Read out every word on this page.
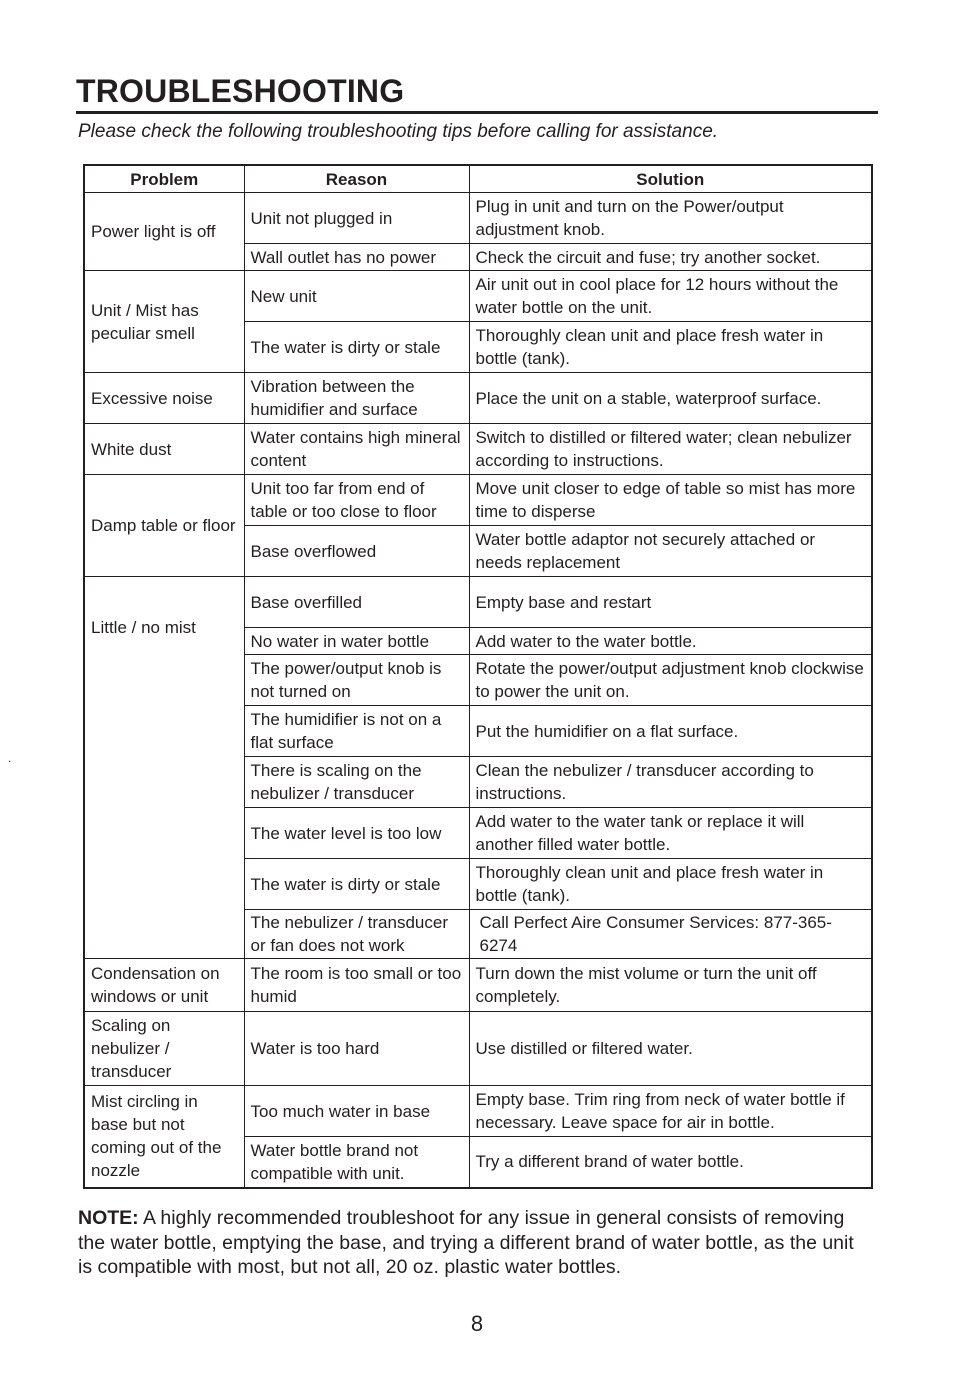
TROUBLESHOOTING
Please check the following troubleshooting tips before calling for assistance.
.
Problem	Reason	Solution
Power light is off	Unit not plugged in	Plug in unit and turn on the Power/output adjustment knob.
	Wall outlet has no power	Check the circuit and fuse; try another socket.
Unit / Mist has peculiar smell	New unit	Air unit out in cool place for 12 hours without the water bottle on the unit.
	The water is dirty or stale	Thoroughly clean unit and place fresh water in bottle (tank).
Excessive noise	Vibration between the humidifier and surface	Place the unit on a stable, waterproof surface.
White dust	Water contains high mineral content	Switch to distilled or filtered water; clean nebulizer according to instructions.
Damp table or floor	Unit too far from end of table or too close to floor	Move unit closer to edge of table so mist has more time to disperse
	Base overflowed	Water bottle adaptor not securely attached or needs replacement
Little / no mist	Base overfilled	Empty base and restart
	No water in water bottle	Add water to the water bottle.
	The power/output knob is not turned on	Rotate the power/output adjustment knob clockwise to power the unit on.
	The humidifier is not on a flat surface	Put the humidifier on a flat surface.
	There is scaling on the nebulizer / transducer	Clean the nebulizer / transducer according to instructions.
	The water level is too low	Add water to the water tank or replace it will another filled water bottle.
	The water is dirty or stale	Thoroughly clean unit and place fresh water in bottle (tank).
	The nebulizer / transducer or fan does not work	Call Perfect Aire Consumer Services: 877-365-6274
Condensation on windows or unit	The room is too small or too humid	Turn down the mist volume or turn the unit off completely.
Scaling on nebulizer / transducer	Water is too hard	Use distilled or filtered water.
Mist circling in base but not coming out of the nozzle	Too much water in base	Empty base. Trim ring from neck of water bottle if necessary. Leave space for air in bottle.
	Water bottle brand not compatible with unit.	Try a different brand of water bottle.
NOTE: A highly recommended troubleshoot for any issue in general consists of removing the water bottle, emptying the base, and trying a different brand of water bottle, as the unit is compatible with most, but not all, 20 oz. plastic water bottles.
8
